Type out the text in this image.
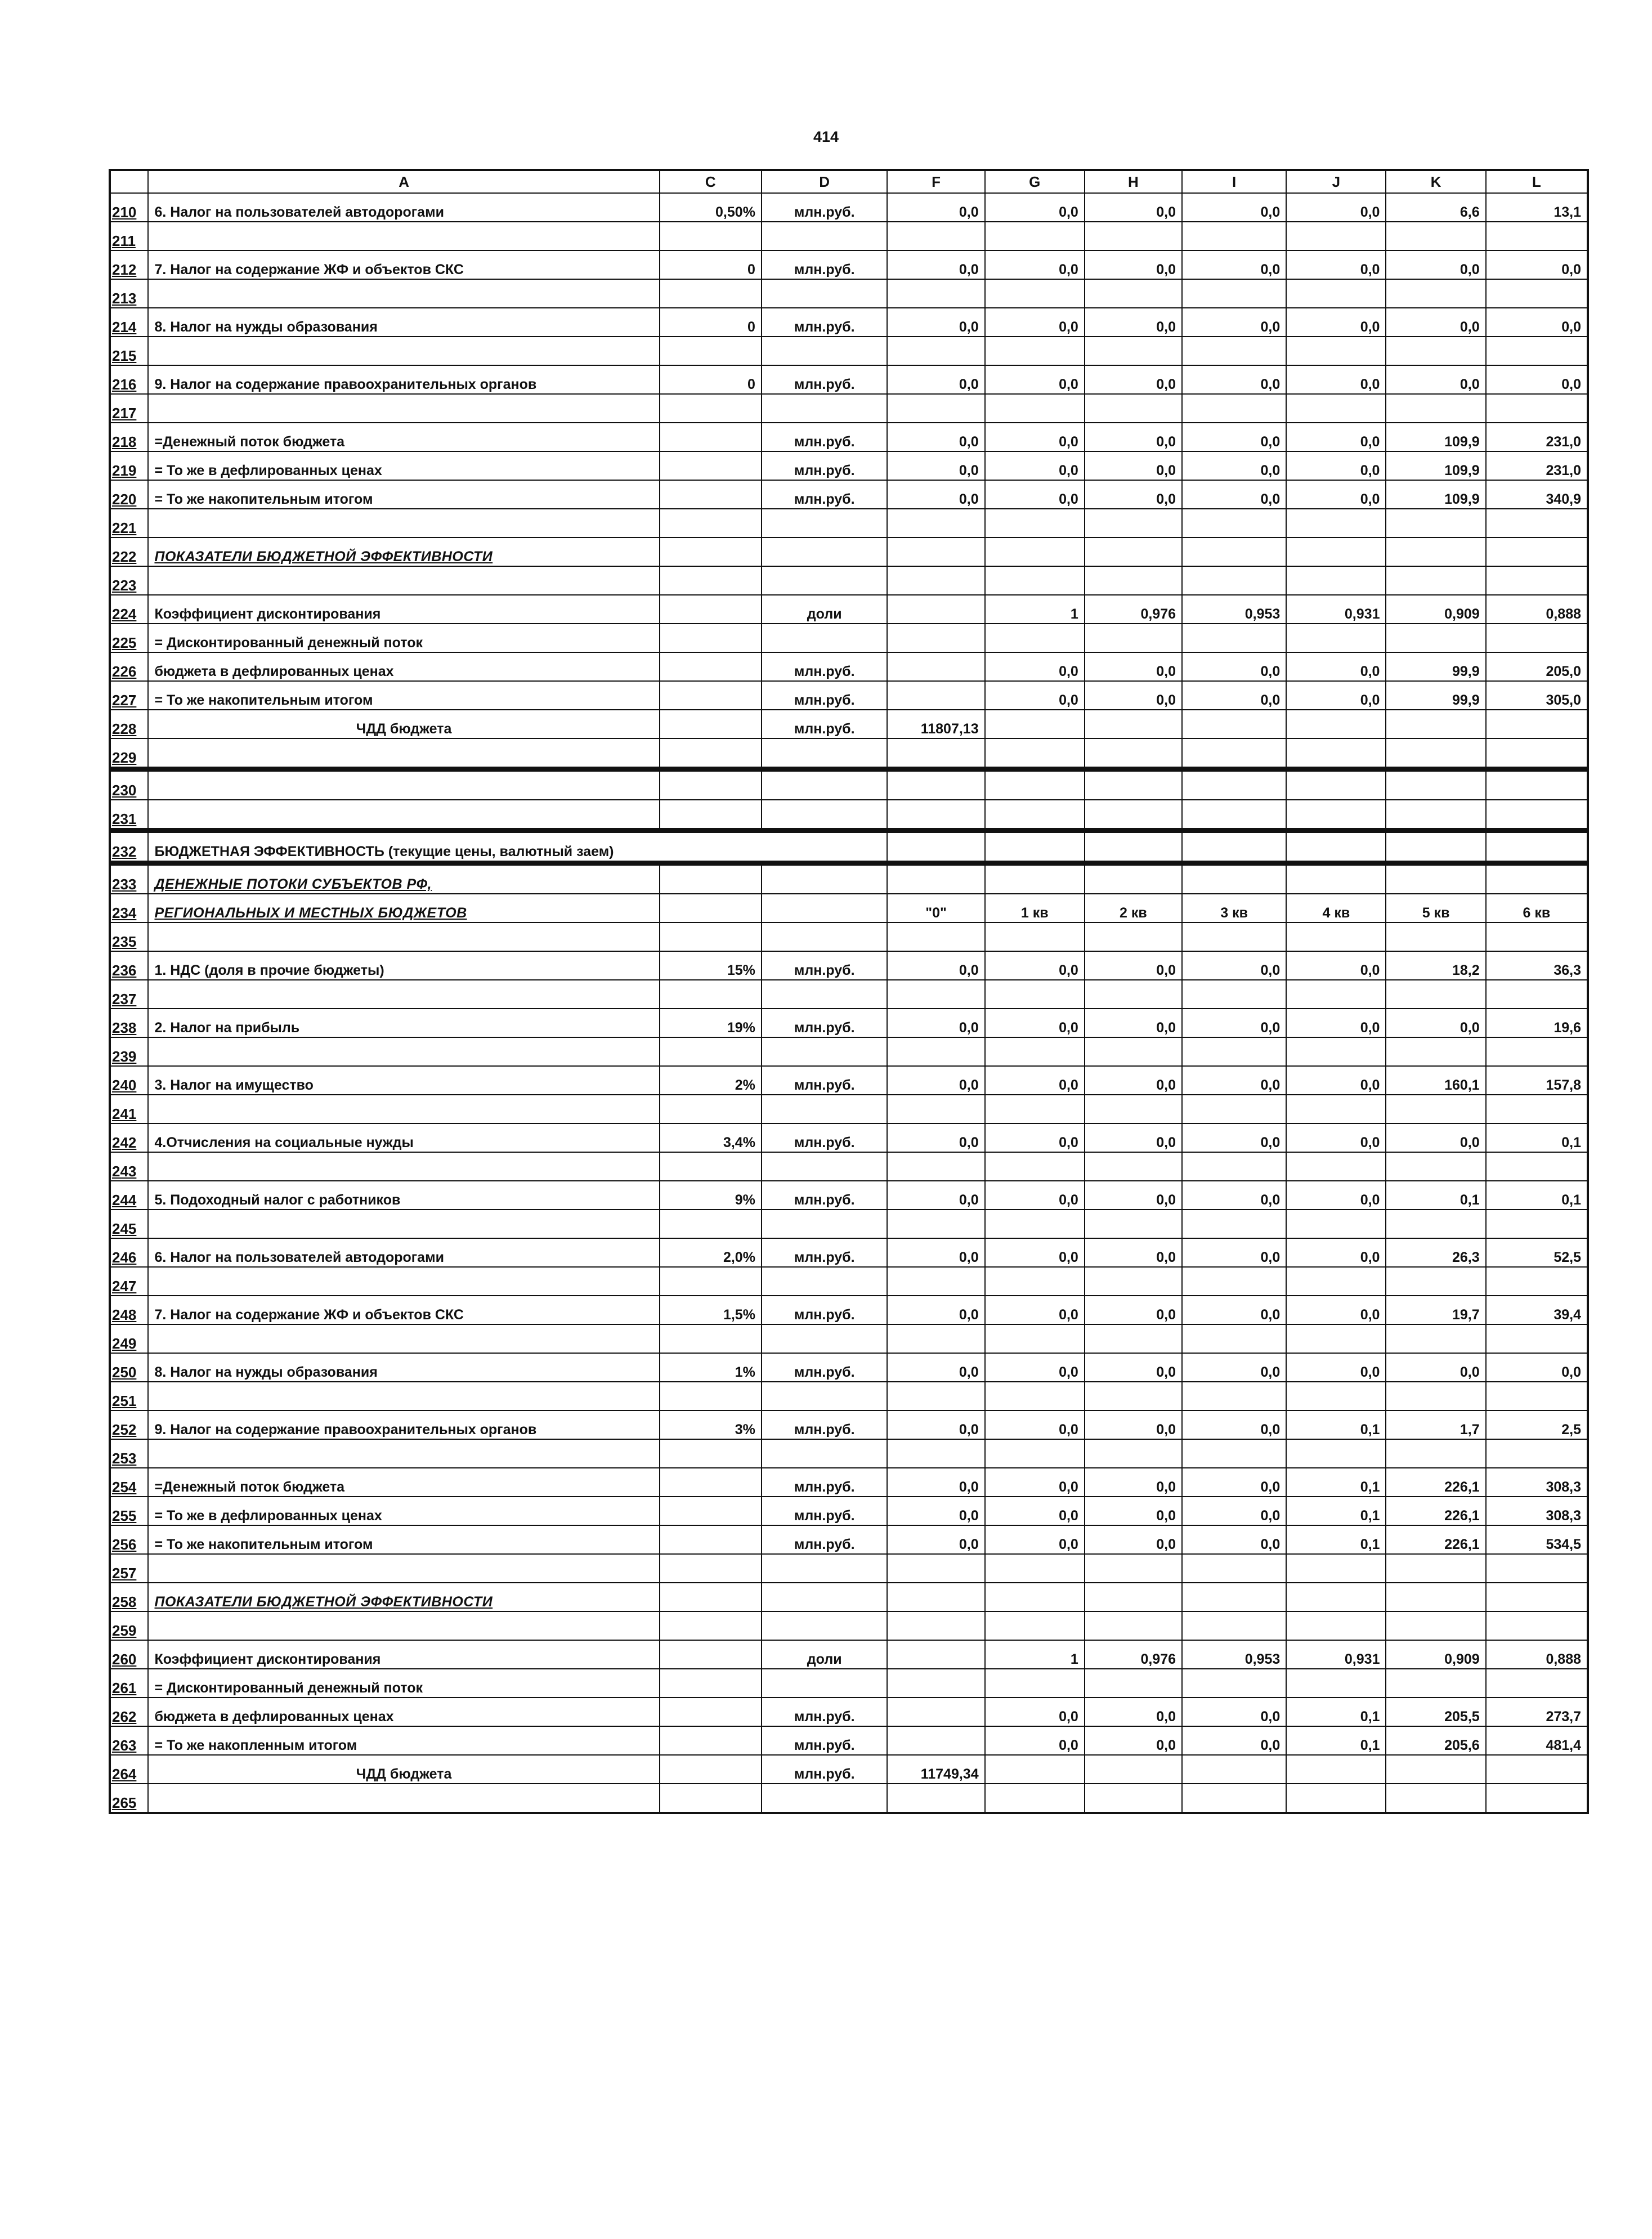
414
	A	C	D	F	G	H	I	J	K	L
210	6. Налог на пользователей автодорогами	0,50%	млн.руб.	0,0	0,0	0,0	0,0	0,0	6,6	13,1
211										
212	7. Налог на содержание ЖФ и объектов СКС	0	млн.руб.	0,0	0,0	0,0	0,0	0,0	0,0	0,0
213										
214	8. Налог на нужды образования	0	млн.руб.	0,0	0,0	0,0	0,0	0,0	0,0	0,0
215										
216	9. Налог на содержание правоохранительных органов	0	млн.руб.	0,0	0,0	0,0	0,0	0,0	0,0	0,0
217										
218	=Денежный поток бюджета		млн.руб.	0,0	0,0	0,0	0,0	0,0	109,9	231,0
219	= То же в дефлированных ценах		млн.руб.	0,0	0,0	0,0	0,0	0,0	109,9	231,0
220	= То же накопительным итогом		млн.руб.	0,0	0,0	0,0	0,0	0,0	109,9	340,9
221										
222	ПОКАЗАТЕЛИ БЮДЖЕТНОЙ ЭФФЕКТИВНОСТИ									
223										
224	Коэффициент дисконтирования		доли		1	0,976	0,953	0,931	0,909	0,888
225	= Дисконтированный денежный поток									
226	бюджета в дефлированных ценах		млн.руб.		0,0	0,0	0,0	0,0	99,9	205,0
227	= То же накопительным итогом		млн.руб.		0,0	0,0	0,0	0,0	99,9	305,0
228	ЧДД бюджета		млн.руб.	11807,13						
229										
230										
231										
232	БЮДЖЕТНАЯ ЭФФЕКТИВНОСТЬ (текущие цены, валютный заем)									
233	ДЕНЕЖНЫЕ ПОТОКИ СУБЪЕКТОВ РФ,									
234	РЕГИОНАЛЬНЫХ И МЕСТНЫХ БЮДЖЕТОВ			"0"	1 кв	2 кв	3 кв	4 кв	5 кв	6 кв
235										
236	1. НДС (доля в прочие бюджеты)	15%	млн.руб.	0,0	0,0	0,0	0,0	0,0	18,2	36,3
237										
238	2. Налог на прибыль	19%	млн.руб.	0,0	0,0	0,0	0,0	0,0	0,0	19,6
239										
240	3. Налог на имущество	2%	млн.руб.	0,0	0,0	0,0	0,0	0,0	160,1	157,8
241										
242	4.Отчисления на социальные нужды	3,4%	млн.руб.	0,0	0,0	0,0	0,0	0,0	0,0	0,1
243										
244	5. Подоходный налог с работников	9%	млн.руб.	0,0	0,0	0,0	0,0	0,0	0,1	0,1
245										
246	6. Налог на пользователей автодорогами	2,0%	млн.руб.	0,0	0,0	0,0	0,0	0,0	26,3	52,5
247										
248	7. Налог на содержание ЖФ и объектов СКС	1,5%	млн.руб.	0,0	0,0	0,0	0,0	0,0	19,7	39,4
249										
250	8. Налог на нужды образования	1%	млн.руб.	0,0	0,0	0,0	0,0	0,0	0,0	0,0
251										
252	9. Налог на содержание правоохранительных органов	3%	млн.руб.	0,0	0,0	0,0	0,0	0,1	1,7	2,5
253										
254	=Денежный поток бюджета		млн.руб.	0,0	0,0	0,0	0,0	0,1	226,1	308,3
255	= То же в дефлированных ценах		млн.руб.	0,0	0,0	0,0	0,0	0,1	226,1	308,3
256	= То же накопительным итогом		млн.руб.	0,0	0,0	0,0	0,0	0,1	226,1	534,5
257										
258	ПОКАЗАТЕЛИ БЮДЖЕТНОЙ ЭФФЕКТИВНОСТИ									
259										
260	Коэффициент дисконтирования		доли		1	0,976	0,953	0,931	0,909	0,888
261	= Дисконтированный денежный поток									
262	бюджета в дефлированных ценах		млн.руб.		0,0	0,0	0,0	0,1	205,5	273,7
263	= То же накопленным итогом		млн.руб.		0,0	0,0	0,0	0,1	205,6	481,4
264	ЧДД бюджета		млн.руб.	11749,34						
265										
